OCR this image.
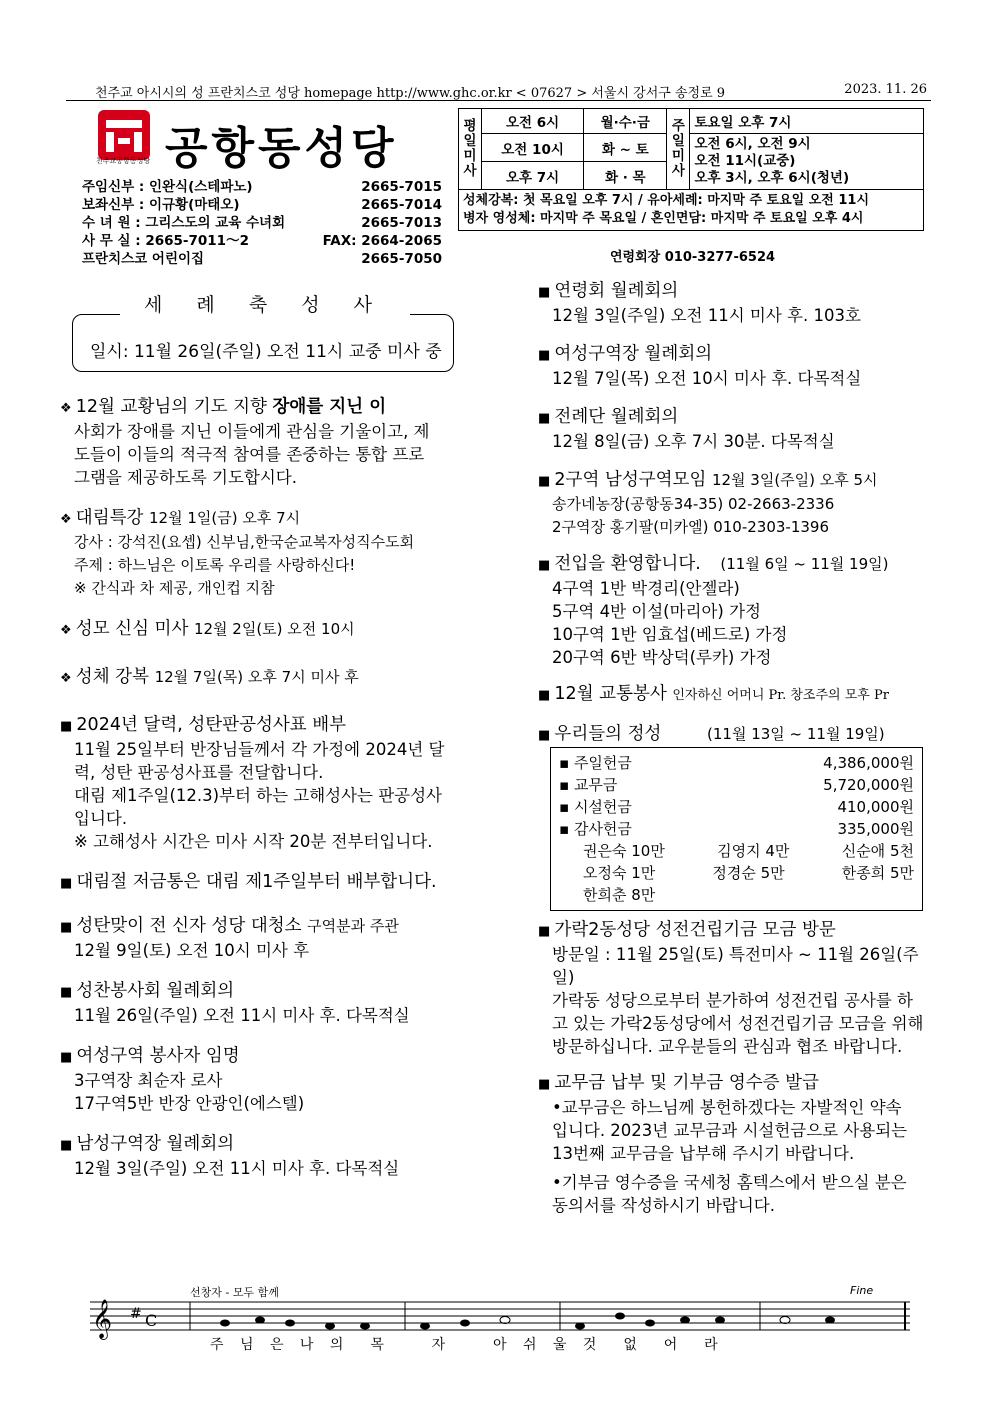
천주교 아시시의 성 프란치스코 성당 homepage http://www.ghc.or.kr < 07627 > 서울시 강서구 송정로 9	2023. 11. 26
천주교공항동성당 공항동성당
주임신부 : 인완식(스테파노)	2665-7015
보좌신부 : 이규황(마태오)	2665-7014
수 녀 원 : 그리스도의 교육 수녀회	2665-7013
사 무 실 : 2665-7011～2	FAX: 2664-2065
프란치스코 어린이집	2665-7050
평일미사	오전 6시	월·수·금	주일미사	토요일 오후 7시
	오전 10시	화 ~ 토		오전 6시, 오전 9시
오전 11시(교중)
오후 3시, 오후 6시(청년)

	오후 7시	화 · 목		

성체강복: 첫 목요일 오후 7시 / 유아세례: 마지막 주 토요일 오전 11시
병자 영성체: 마지막 주 목요일 / 혼인면담: 마지막 주 토요일 오후 4시				
연령회장 010-3277-6524
세 례 축 성 사
일시: 11월 26일(주일) 오전 11시 교중 미사 중
❖ 12월 교황님의 기도 지향 장애를 지닌 이
사회가 장애를 지닌 이들에게 관심을 기울이고, 제
도들이 이들의 적극적 참여를 존중하는 통합 프로
그램을 제공하도록 기도합시다.
❖ 대림특강 12월 1일(금) 오후 7시
강사 : 강석진(요셉) 신부님,한국순교복자성직수도회
주제 : 하느님은 이토록 우리를 사랑하신다!
※ 간식과 차 제공, 개인컵 지참
❖ 성모 신심 미사 12월 2일(토) 오전 10시
❖ 성체 강복 12월 7일(목) 오후 7시 미사 후
■ 2024년 달력, 성탄판공성사표 배부
11월 25일부터 반장님들께서 각 가정에 2024년 달
력, 성탄 판공성사표를 전달합니다.
대림 제1주일(12.3)부터 하는 고해성사는 판공성사
입니다.
※ 고해성사 시간은 미사 시작 20분 전부터입니다.
■ 대림절 저금통은 대림 제1주일부터 배부합니다.
■ 성탄맞이 전 신자 성당 대청소 구역분과 주관
12월 9일(토) 오전 10시 미사 후
■ 성찬봉사회 월례회의
11월 26일(주일) 오전 11시 미사 후. 다목적실
■ 여성구역 봉사자 임명
3구역장 최순자 로사
17구역5반 반장 안광인(에스텔)
■ 남성구역장 월례회의
12월 3일(주일) 오전 11시 미사 후. 다목적실
■ 연령회 월례회의
12월 3일(주일) 오전 11시 미사 후. 103호
■ 여성구역장 월례회의
12월 7일(목) 오전 10시 미사 후. 다목적실
■ 전례단 월례회의
12월 8일(금) 오후 7시 30분. 다목적실
■ 2구역 남성구역모임 12월 3일(주일) 오후 5시
송가네농장(공항동34-35) 02-2663-2336
2구역장 홍기팔(미카엘) 010-2303-1396
■ 전입을 환영합니다. (11월 6일 ~ 11월 19일)
4구역 1반 박경리(안젤라)
5구역 4반 이설(마리아) 가정
10구역 1반 임효섭(베드로) 가정
20구역 6반 박상덕(루카) 가정
■ 12월 교통봉사 인자하신 어머니 Pr. 창조주의 모후 Pr
■ 우리들의 정성	(11월 13일 ~ 11월 19일)
▪ 주일헌금	4,386,000원
▪ 교무금	5,720,000원
▪ 시설헌금	410,000원
▪ 감사헌금	335,000원
권은숙 10만	김영지 4만	신순애 5천
오정숙 1만	정경순 5만	한종희 5만
한희춘 8만
■ 가락2동성당 성전건립기금 모금 방문
방문일 : 11월 25일(토) 특전미사 ~ 11월 26일(주일)
가락동 성당으로부터 분가하여 성전건립 공사를 하
고 있는 가락2동성당에서 성전건립기금 모금을 위해
방문하십니다. 교우분들의 관심과 협조 바랍니다.
■ 교무금 납부 및 기부금 영수증 발급
•교무금은 하느님께 봉헌하겠다는 자발적인 약속
입니다. 2023년 교무금과 시설헌금으로 사용되는
13번째 교무금을 납부해 주시기 바랍니다.
•기부금 영수증을 국세청 홈텍스에서 받으실 분은
동의서를 작성하시기 바랍니다.
𝄞 # C
선창자 - 모두 함께	Fine
주 님 은 나 의  목    자    아 쉬 울 것  없  어  라
